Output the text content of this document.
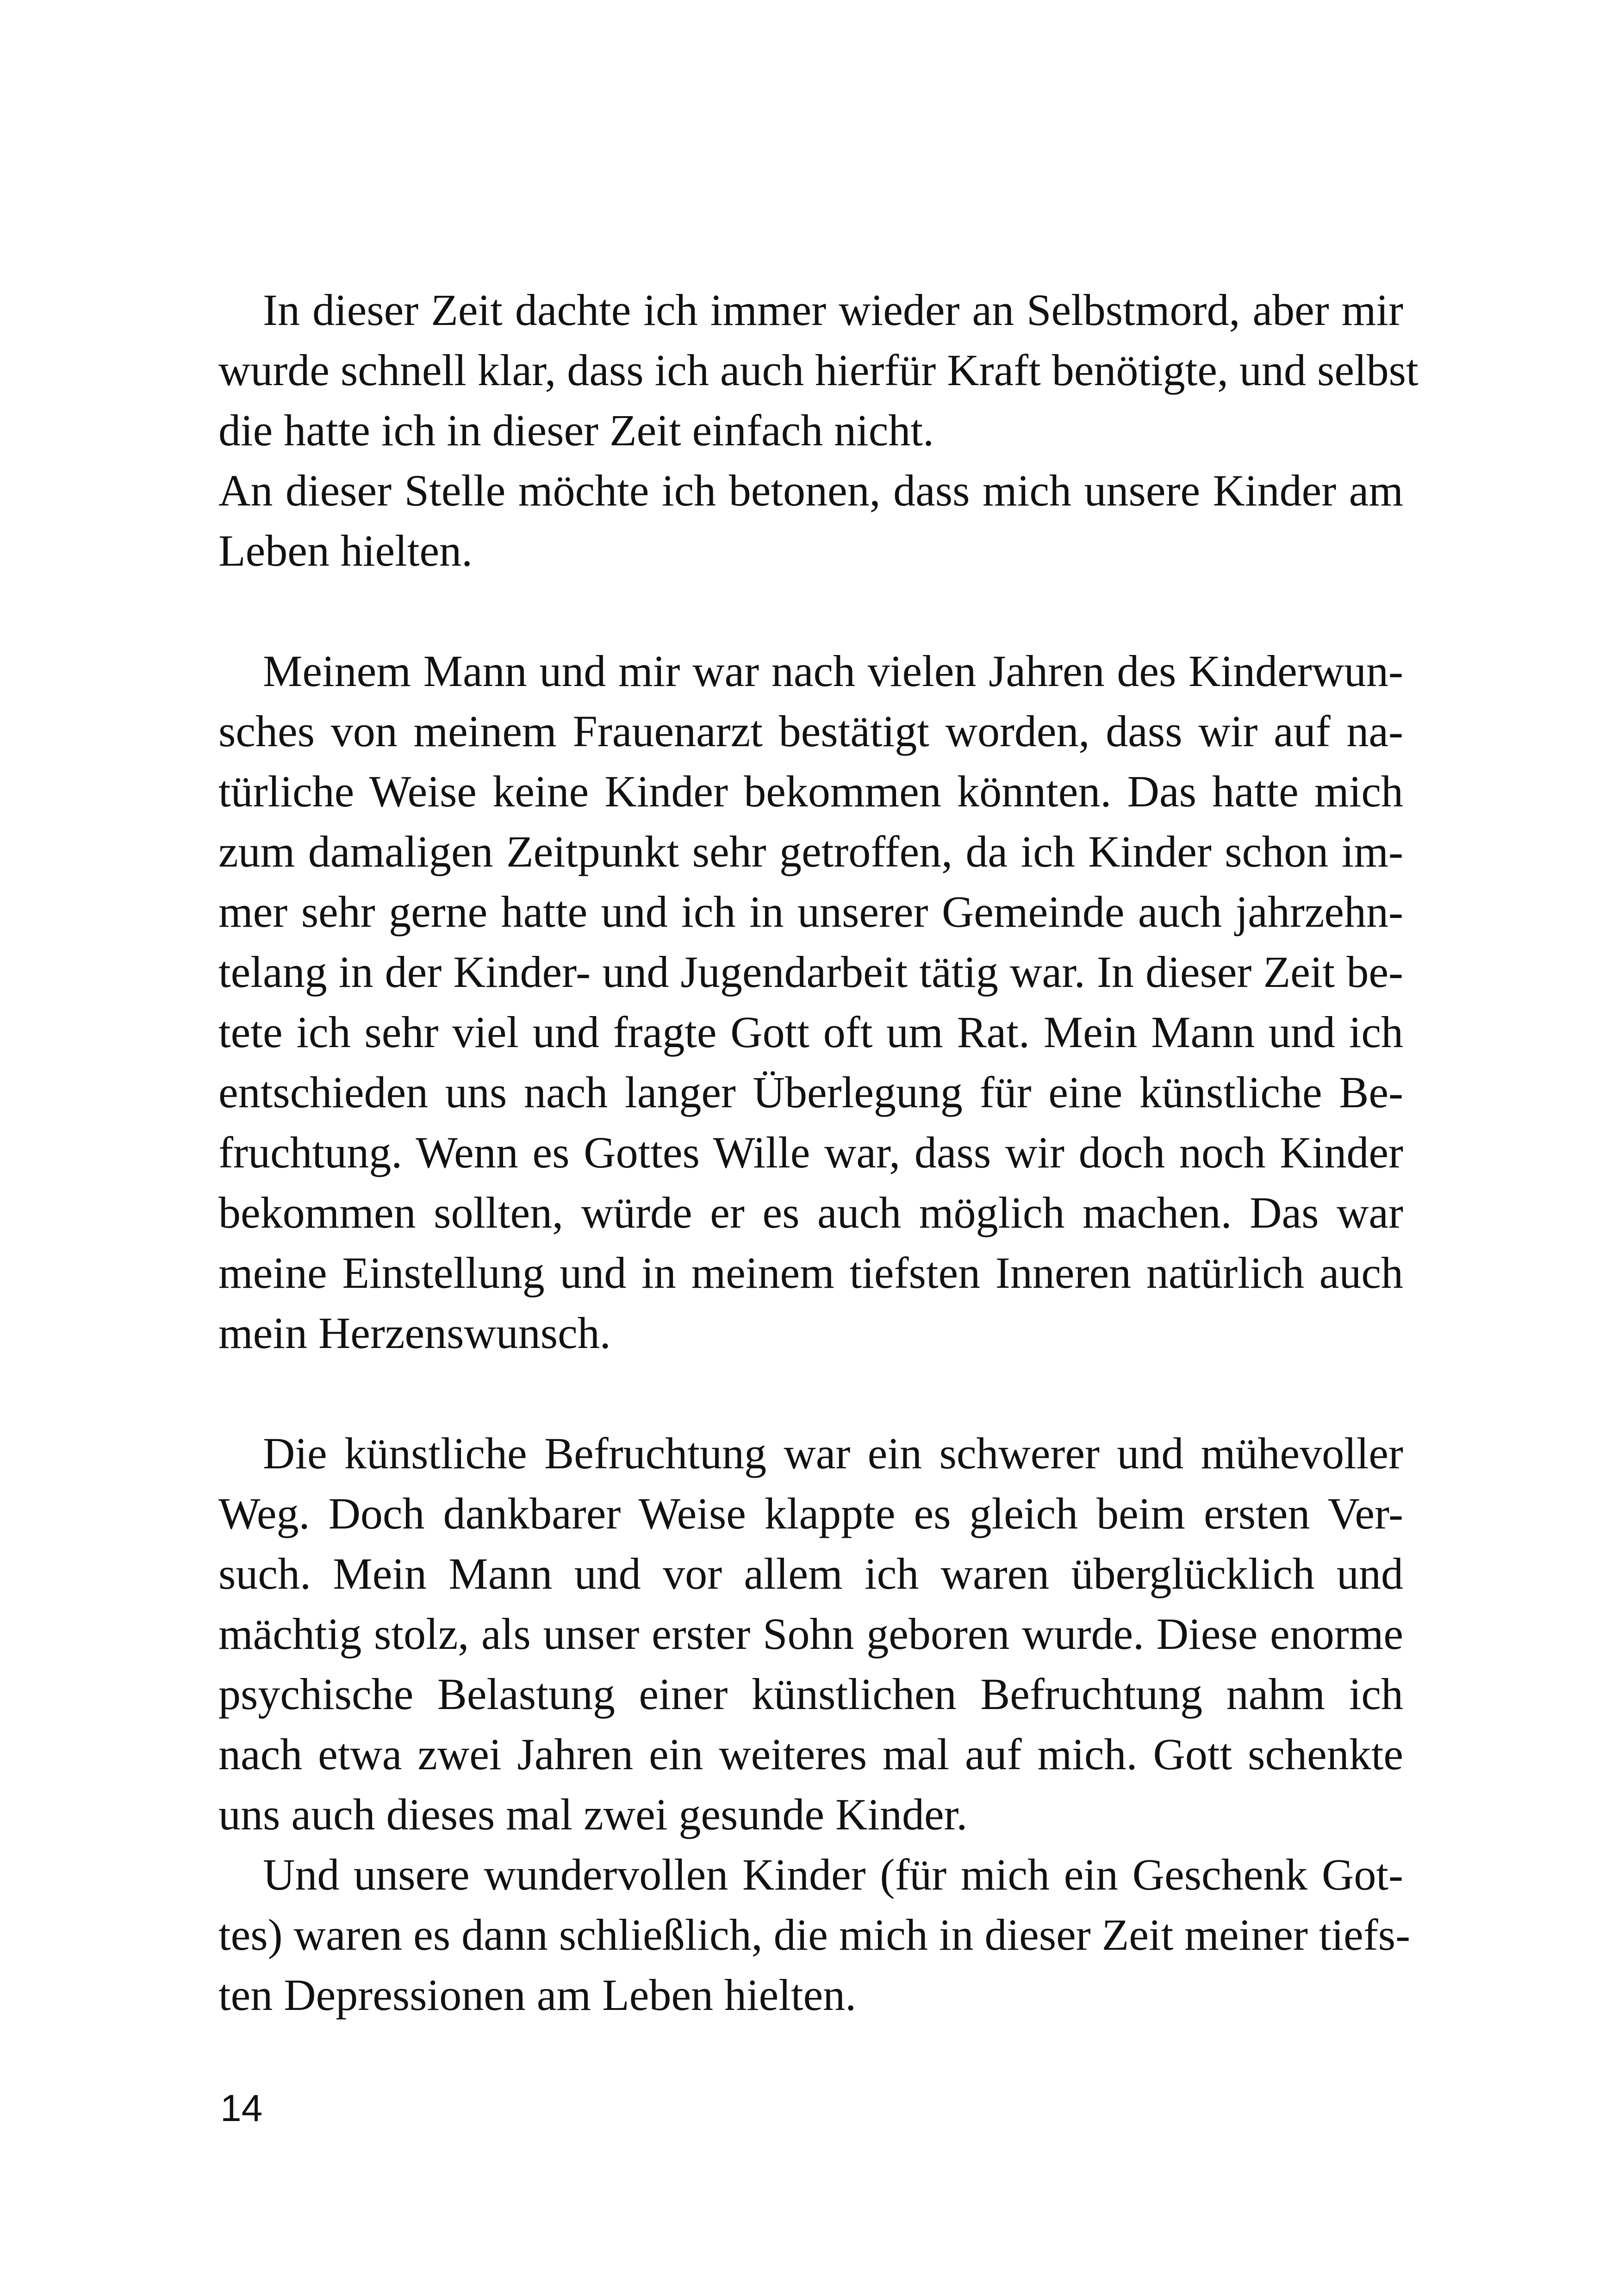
In dieser Zeit dachte ich immer wieder an Selbstmord, aber mir
wurde schnell klar, dass ich auch hierfür Kraft benötigte, und selbst
die hatte ich in dieser Zeit einfach nicht.
An dieser Stelle möchte ich betonen, dass mich unsere Kinder am
Leben hielten.
Meinem Mann und mir war nach vielen Jahren des Kinderwun-
sches von meinem Frauenarzt bestätigt worden, dass wir auf na-
türliche Weise keine Kinder bekommen könnten. Das hatte mich
zum damaligen Zeitpunkt sehr getroffen, da ich Kinder schon im-
mer sehr gerne hatte und ich in unserer Gemeinde auch jahrzehn-
telang in der Kinder- und Jugendarbeit tätig war. In dieser Zeit be-
tete ich sehr viel und fragte Gott oft um Rat. Mein Mann und ich
entschieden uns nach langer Überlegung für eine künstliche Be-
fruchtung. Wenn es Gottes Wille war, dass wir doch noch Kinder
bekommen sollten, würde er es auch möglich machen. Das war
meine Einstellung und in meinem tiefsten Inneren natürlich auch
mein Herzenswunsch.
Die künstliche Befruchtung war ein schwerer und mühevoller
Weg. Doch dankbarer Weise klappte es gleich beim ersten Ver-
such. Mein Mann und vor allem ich waren überglücklich und
mächtig stolz, als unser erster Sohn geboren wurde. Diese enorme
psychische Belastung einer künstlichen Befruchtung nahm ich
nach etwa zwei Jahren ein weiteres mal auf mich. Gott schenkte
uns auch dieses mal zwei gesunde Kinder.
Und unsere wundervollen Kinder (für mich ein Geschenk Got-
tes) waren es dann schließlich, die mich in dieser Zeit meiner tiefs-
ten Depressionen am Leben hielten.
14
